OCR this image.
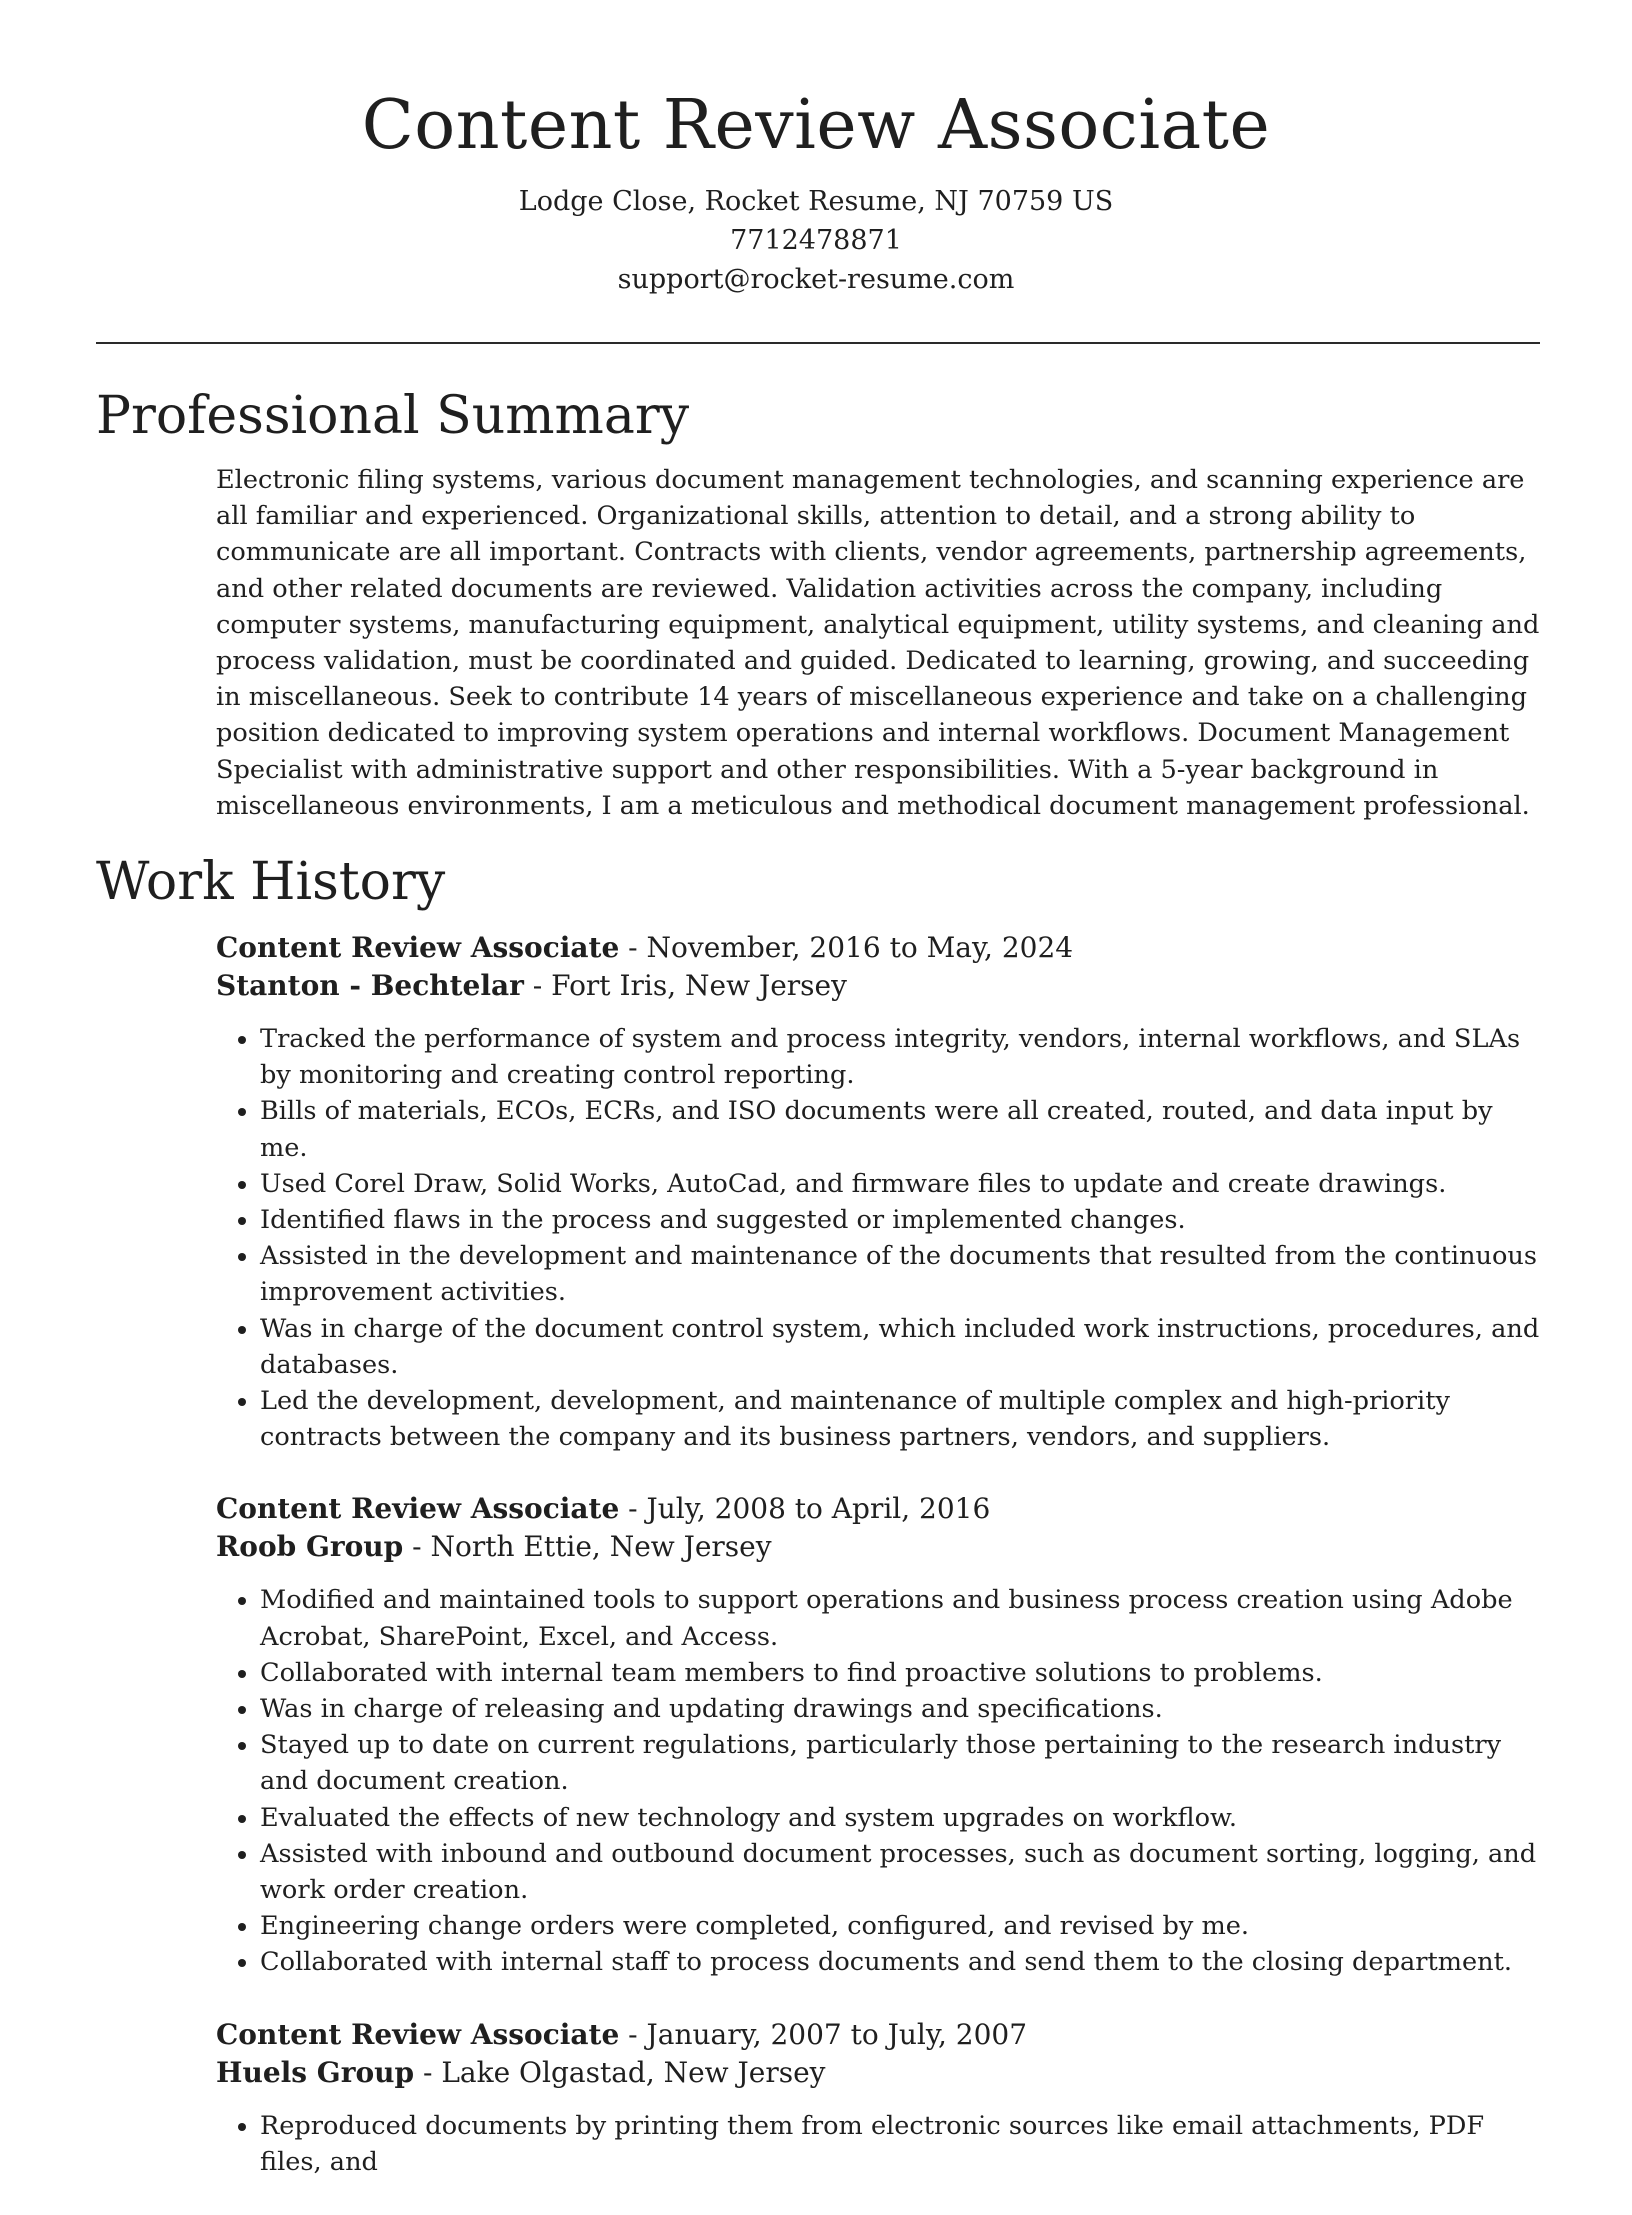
Content Review Associate

Lodge Close, Rocket Resume, NJ 70759 US

7712478871

support@rocket-resume.com

Professional Summary

Electronic filing systems, various document management technologies, and scanning experience are all familiar and experienced. Organizational skills, attention to detail, and a strong ability to communicate are all important. Contracts with clients, vendor agreements, partnership agreements, and other related documents are reviewed. Validation activities across the company, including computer systems, manufacturing equipment, analytical equipment, utility systems, and cleaning and process validation, must be coordinated and guided. Dedicated to learning, growing, and succeeding in miscellaneous. Seek to contribute 14 years of miscellaneous experience and take on a challenging position dedicated to improving system operations and internal workflows. Document Management Specialist with administrative support and other responsibilities. With a 5-year background in miscellaneous environments, I am a meticulous and methodical document management professional.

Work History

Content Review Associate - November, 2016 to May, 2024

Stanton - Bechtelar - Fort Iris, New Jersey

• Tracked the performance of system and process integrity, vendors, internal workflows, and SLAs by monitoring and creating control reporting.
• Bills of materials, ECOs, ECRs, and ISO documents were all created, routed, and data input by me.
• Used Corel Draw, Solid Works, AutoCad, and firmware files to update and create drawings.
• Identified flaws in the process and suggested or implemented changes.
• Assisted in the development and maintenance of the documents that resulted from the continuous improvement activities.
• Was in charge of the document control system, which included work instructions, procedures, and databases.
• Led the development, development, and maintenance of multiple complex and high-priority contracts between the company and its business partners, vendors, and suppliers.

Content Review Associate - July, 2008 to April, 2016

Roob Group - North Ettie, New Jersey

• Modified and maintained tools to support operations and business process creation using Adobe Acrobat, SharePoint, Excel, and Access.
• Collaborated with internal team members to find proactive solutions to problems.
• Was in charge of releasing and updating drawings and specifications.
• Stayed up to date on current regulations, particularly those pertaining to the research industry and document creation.
• Evaluated the effects of new technology and system upgrades on workflow.
• Assisted with inbound and outbound document processes, such as document sorting, logging, and work order creation.
• Engineering change orders were completed, configured, and revised by me.
• Collaborated with internal staff to process documents and send them to the closing department.

Content Review Associate - January, 2007 to July, 2007

Huels Group - Lake Olgastad, New Jersey

• Reproduced documents by printing them from electronic sources like email attachments, PDF files, and
